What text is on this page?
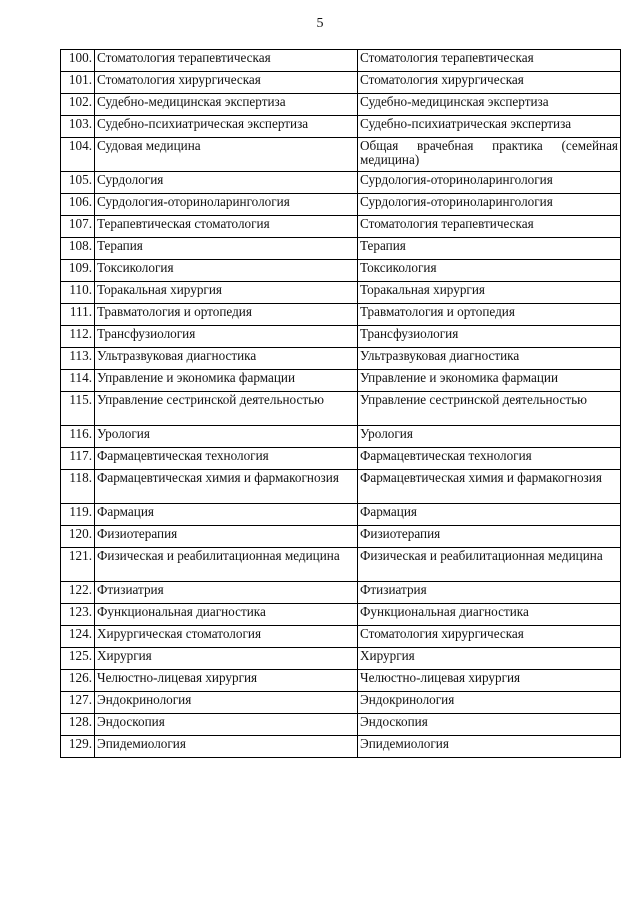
5
100.	Стоматология терапевтическая	Стоматология терапевтическая
101.	Стоматология хирургическая	Стоматология хирургическая
102.	Судебно-медицинская экспертиза	Судебно-медицинская экспертиза
103.	Судебно-психиатрическая экспертиза	Судебно-психиатрическая экспертиза
104.	Судовая медицина	Общая врачебная практика (семейная медицина)
105.	Сурдология	Сурдология-оториноларингология
106.	Сурдология-оториноларингология	Сурдология-оториноларингология
107.	Терапевтическая стоматология	Стоматология терапевтическая
108.	Терапия	Терапия
109.	Токсикология	Токсикология
110.	Торакальная хирургия	Торакальная хирургия
111.	Травматология и ортопедия	Травматология и ортопедия
112.	Трансфузиология	Трансфузиология
113.	Ультразвуковая диагностика	Ультразвуковая диагностика
114.	Управление и экономика фармации	Управление и экономика фармации
115.	Управление сестринской деятельностью	Управление сестринской деятельностью
116.	Урология	Урология
117.	Фармацевтическая технология	Фармацевтическая технология
118.	Фармацевтическая химия и фармакогнозия	Фармацевтическая химия и фармакогнозия
119.	Фармация	Фармация
120.	Физиотерапия	Физиотерапия
121.	Физическая и реабилитационная медицина	Физическая и реабилитационная медицина
122.	Фтизиатрия	Фтизиатрия
123.	Функциональная диагностика	Функциональная диагностика
124.	Хирургическая стоматология	Стоматология хирургическая
125.	Хирургия	Хирургия
126.	Челюстно-лицевая хирургия	Челюстно-лицевая хирургия
127.	Эндокринология	Эндокринология
128.	Эндоскопия	Эндоскопия
129.	Эпидемиология	Эпидемиология
